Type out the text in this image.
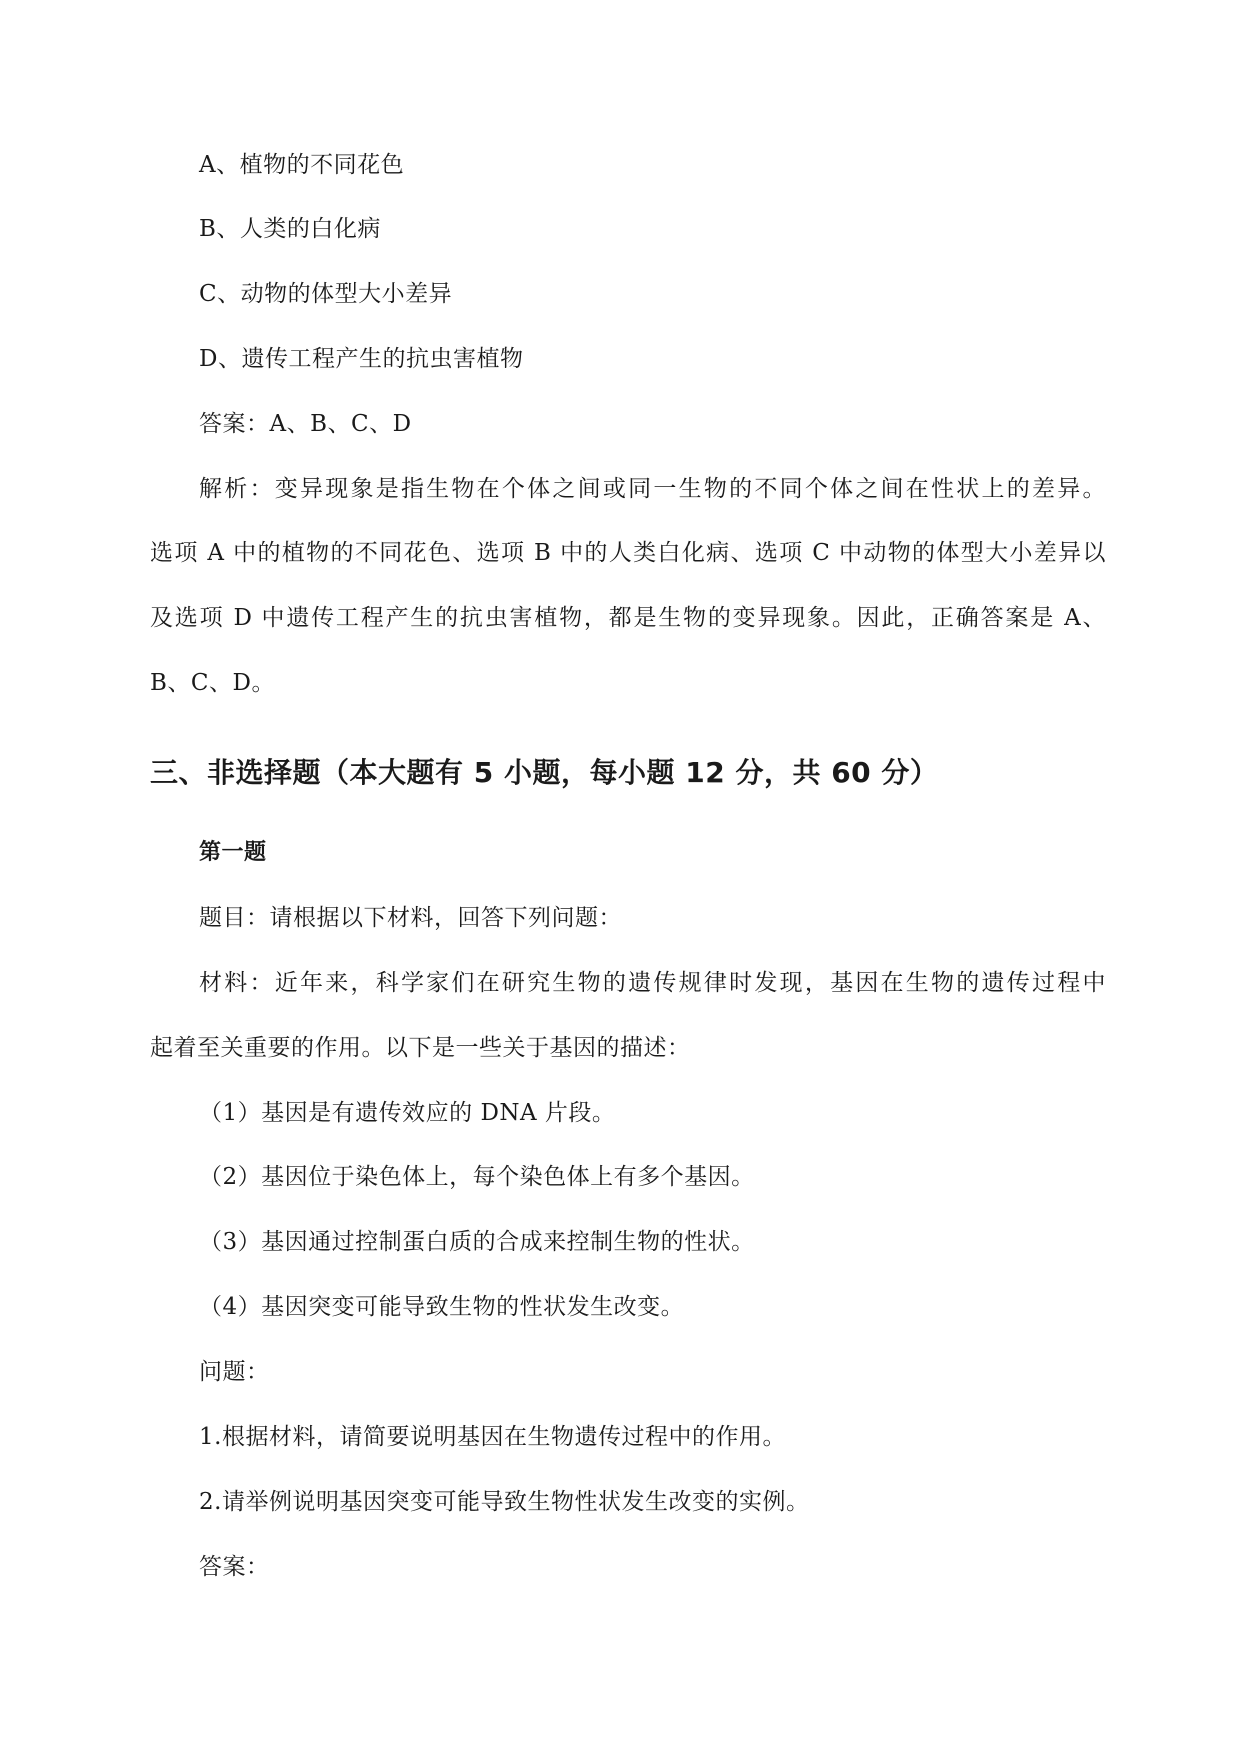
A、植物的不同花色
B、人类的白化病
C、动物的体型大小差异
D、遗传工程产生的抗虫害植物
答案：A、B、C、D
解析：变异现象是指生物在个体之间或同一生物的不同个体之间在性状上的差异。
选项 A 中的植物的不同花色、选项 B 中的人类白化病、选项 C 中动物的体型大小差异以
及选项 D 中遗传工程产生的抗虫害植物，都是生物的变异现象。因此，正确答案是 A、
B、C、D。
三、非选择题（本大题有 5 小题，每小题 12 分，共 60 分）
第一题
题目：请根据以下材料，回答下列问题：
材料：近年来，科学家们在研究生物的遗传规律时发现，基因在生物的遗传过程中
起着至关重要的作用。以下是一些关于基因的描述：
（1）基因是有遗传效应的 DNA 片段。
（2）基因位于染色体上，每个染色体上有多个基因。
（3）基因通过控制蛋白质的合成来控制生物的性状。
（4）基因突变可能导致生物的性状发生改变。
问题：
1.根据材料，请简要说明基因在生物遗传过程中的作用。
2.请举例说明基因突变可能导致生物性状发生改变的实例。
答案：
